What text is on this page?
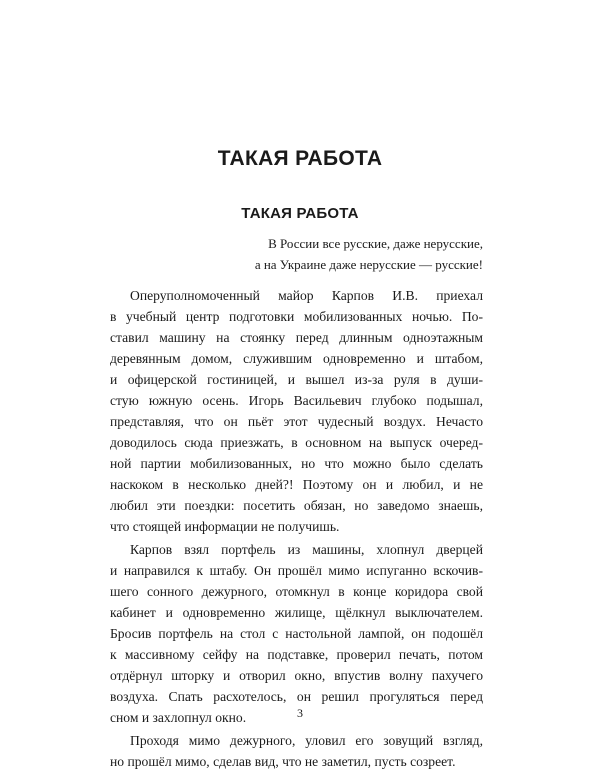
ТАКАЯ РАБОТА
ТАКАЯ РАБОТА
В России все русские, даже нерусские,
а на Украине даже нерусские — русские!
Оперуполномоченный майор Карпов И.В. приехал
в учебный центр подготовки мобилизованных ночью. По-
ставил машину на стоянку перед длинным одноэтажным
деревянным домом, служившим одновременно и штабом,
и офицерской гостиницей, и вышел из-за руля в души-
стую южную осень. Игорь Васильевич глубоко подышал,
представляя, что он пьёт этот чудесный воздух. Нечасто
доводилось сюда приезжать, в основном на выпуск очеред-
ной партии мобилизованных, но что можно было сделать
наскоком в несколько дней?! Поэтому он и любил, и не
любил эти поездки: посетить обязан, но заведомо знаешь,
что стоящей информации не получишь.
Карпов взял портфель из машины, хлопнул дверцей
и направился к штабу. Он прошёл мимо испуганно вскочив-
шего сонного дежурного, отомкнул в конце коридора свой
кабинет и одновременно жилище, щёлкнул выключателем.
Бросив портфель на стол с настольной лампой, он подошёл
к массивному сейфу на подставке, проверил печать, потом
отдёрнул шторку и отворил окно, впустив волну пахучего
воздуха. Спать расхотелось, он решил прогуляться перед
сном и захлопнул окно.
Проходя мимо дежурного, уловил его зовущий взгляд,
но прошёл мимо, сделав вид, что не заметил, пусть созреет.
3
